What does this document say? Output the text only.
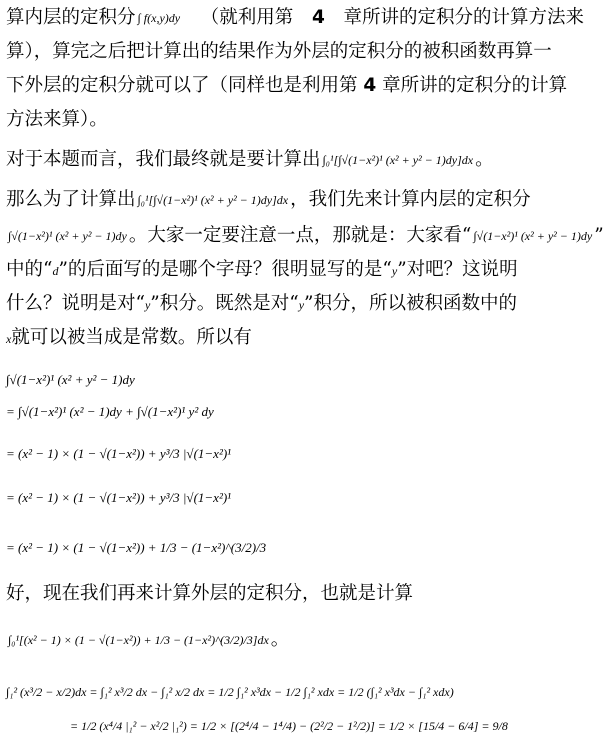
算内层的定积分 ∫ f(x,y)dy （就利用第 4 章所讲的定积分的计算方法来
算），算完之后把计算出的结果作为外层的定积分的被积函数再算一
下外层的定积分就可以了（同样也是利用第 4 章所讲的定积分的计算
方法来算）。
对于本题而言，我们最终就是要计算出 ∫₀¹[∫√(1−x²)¹ (x² + y² − 1)dy]dx 。
那么为了计算出 ∫₀¹[∫√(1−x²)¹ (x² + y² − 1)dy]dx ，我们先来计算内层的定积分
∫√(1−x²)¹ (x² + y² − 1)dy 。大家一定要注意一点，那就是：大家看“ ∫√(1−x²)¹ (x² + y² − 1)dy ”
中的“d”的后面写的是哪个字母？很明显写的是“y”对吧？这说明
什么？说明是对“y”积分。既然是对“y”积分，所以被积函数中的
x就可以被当成是常数。所以有
∫√(1−x²)¹ (x² + y² − 1)dy
= ∫√(1−x²)¹ (x² − 1)dy + ∫√(1−x²)¹ y² dy
= (x² − 1) × (1 − √(1−x²)) + y³/3 |√(1−x²)¹
= (x² − 1) × (1 − √(1−x²)) + y³/3 |√(1−x²)¹
= (x² − 1) × (1 − √(1−x²)) + 1/3 − (1−x²)^(3/2)/3
好，现在我们再来计算外层的定积分，也就是计算
∫₀¹[(x² − 1) × (1 − √(1−x²)) + 1/3 − (1−x²)^(3/2)/3]dx 。
∫₁² (x³/2 − x/2)dx = ∫₁² x³/2 dx − ∫₁² x/2 dx = 1/2 ∫₁² x³dx − 1/2 ∫₁² xdx = 1/2 (∫₁² x³dx − ∫₁² xdx)
= 1/2 (x⁴/4 |₁² − x²/2 |₁²) = 1/2 × [(2⁴/4 − 1⁴/4) − (2²/2 − 1²/2)] = 1/2 × [15/4 − 6/4] = 9/8
